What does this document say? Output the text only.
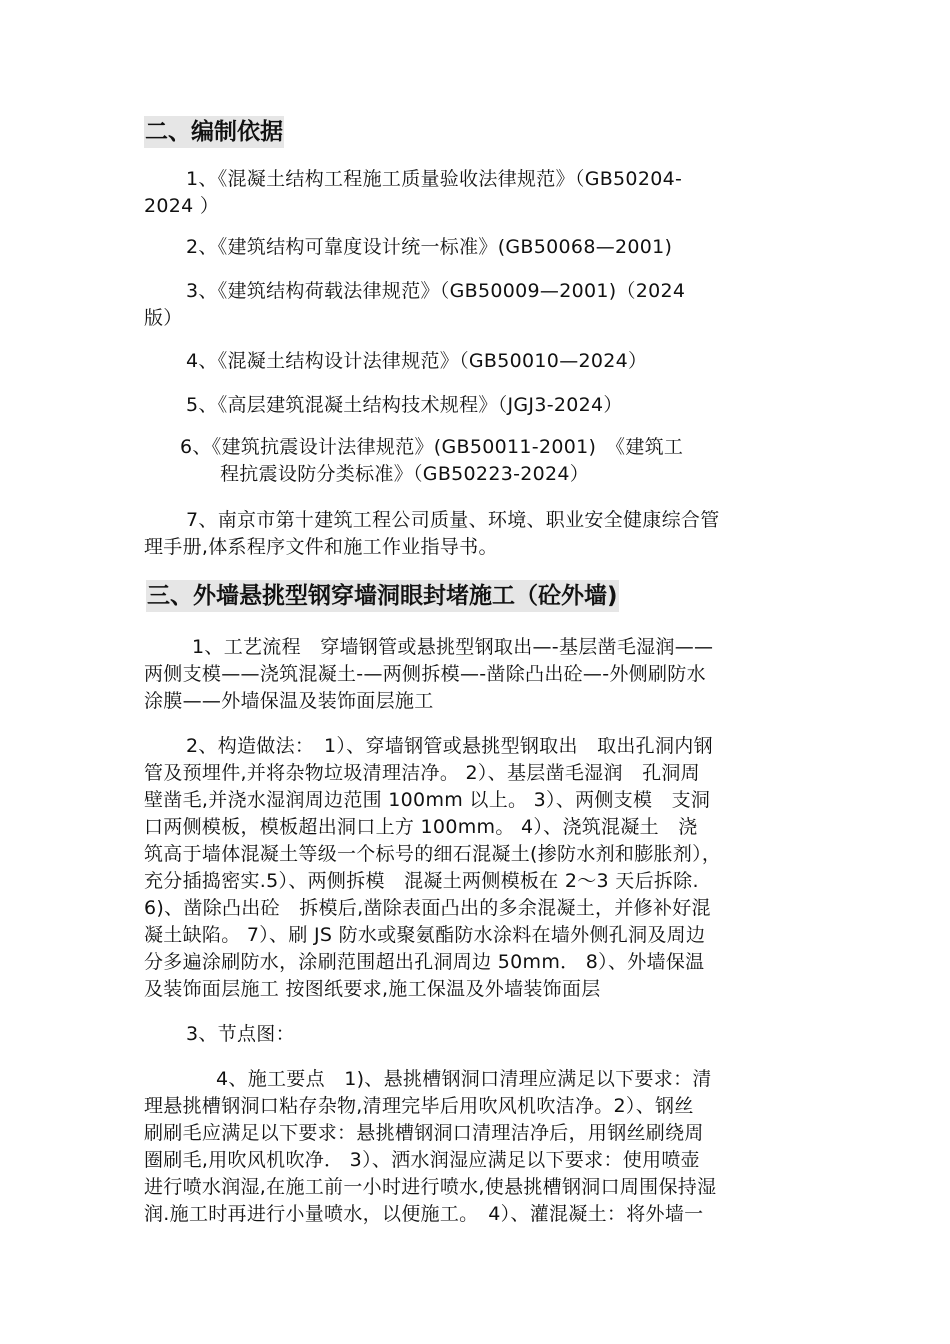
二、编制依据

1、《混凝土结构工程施工质量验收法律规范》（GB50204-
2024 ）

2、《建筑结构可靠度设计统一标准》(GB50068—2001)

3、《建筑结构荷载法律规范》（GB50009—2001)（2024
版）

4、《混凝土结构设计法律规范》（GB50010—2024）

5、《高层建筑混凝土结构技术规程》（JGJ3-2024）

6、《建筑抗震设计法律规范》(GB50011-2001)　《建筑工
程抗震设防分类标准》（GB50223-2024）

7、南京市第十建筑工程公司质量、环境、职业安全健康综合管
理手册,体系程序文件和施工作业指导书。

三、外墙悬挑型钢穿墙洞眼封堵施工（砼外墙)

1、工艺流程　穿墙钢管或悬挑型钢取出—-基层凿毛湿润——
两侧支模——浇筑混凝土-—两侧拆模—-凿除凸出砼—-外侧刷防水
涂膜——外墙保温及装饰面层施工

2、构造做法：　1）、穿墙钢管或悬挑型钢取出　取出孔洞内钢
管及预埋件,并将杂物垃圾清理洁净。 2）、基层凿毛湿润　孔洞周
壁凿毛,并浇水湿润周边范围 100mm 以上。 3）、两侧支模　支洞
口两侧模板，模板超出洞口上方 100mm。 4）、浇筑混凝土　浇
筑高于墙体混凝土等级一个标号的细石混凝土(掺防水剂和膨胀剂），
充分插捣密实.5）、两侧拆模　混凝土两侧模板在 2～3 天后拆除.
6)、凿除凸出砼　拆模后,凿除表面凸出的多余混凝土，并修补好混
凝土缺陷。 7）、刷 JS 防水或聚氨酯防水涂料在墙外侧孔洞及周边
分多遍涂刷防水，涂刷范围超出孔洞周边 50mm． 8）、外墙保温
及装饰面层施工 按图纸要求,施工保温及外墙装饰面层

3、节点图：

4、施工要点　1)、悬挑槽钢洞口清理应满足以下要求：清
理悬挑槽钢洞口粘存杂物,清理完毕后用吹风机吹洁净。2）、钢丝
刷刷毛应满足以下要求：悬挑槽钢洞口清理洁净后，用钢丝刷绕周
圈刷毛,用吹风机吹净． 3）、洒水润湿应满足以下要求：使用喷壶
进行喷水润湿,在施工前一小时进行喷水,使悬挑槽钢洞口周围保持湿
润.施工时再进行小量喷水，以便施工。　4）、灌混凝土：将外墙一
